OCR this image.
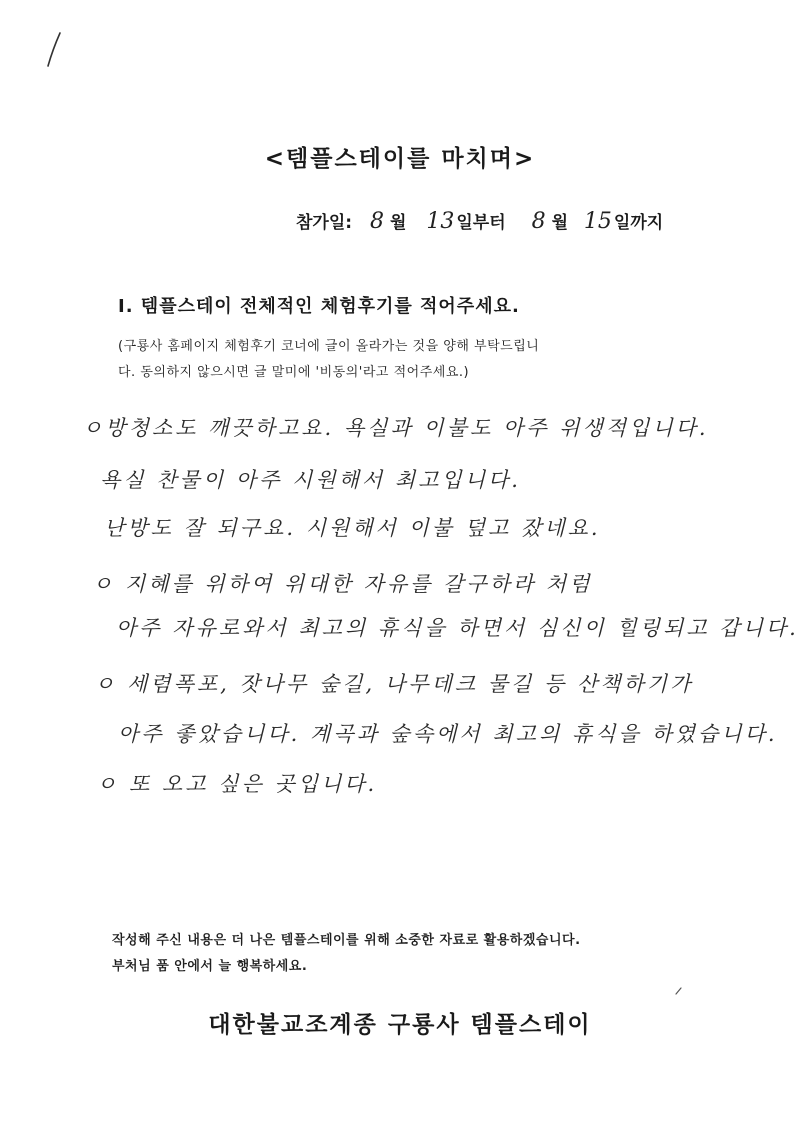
<템플스테이를 마치며>
참가일: 8 월 13 일부터 8 월 15 일까지
Ⅰ. 템플스테이 전체적인 체험후기를 적어주세요.
(구룡사 홈페이지 체험후기 코너에 글이 올라가는 것을 양해 부탁드립니
다. 동의하지 않으시면 글 말미에 '비동의'라고 적어주세요.)
ㅇ방청소도 깨끗하고요. 욕실과 이불도 아주 위생적입니다.
욕실 찬물이 아주 시원해서 최고입니다.
난방도 잘 되구요. 시원해서 이불 덮고 잤네요.
ㅇ 지혜를 위하여 위대한 자유를 갈구하라 처럼
아주 자유로와서 최고의 휴식을 하면서 심신이 힐링되고 갑니다.
ㅇ 세렴폭포, 잣나무 숲길, 나무데크 물길 등 산책하기가
아주 좋았습니다. 계곡과 숲속에서 최고의 휴식을 하였습니다.
ㅇ 또 오고 싶은 곳입니다.
작성해 주신 내용은 더 나은 템플스테이를 위해 소중한 자료로 활용하겠습니다.
부처님 품 안에서 늘 행복하세요.
대한불교조계종 구룡사 템플스테이
